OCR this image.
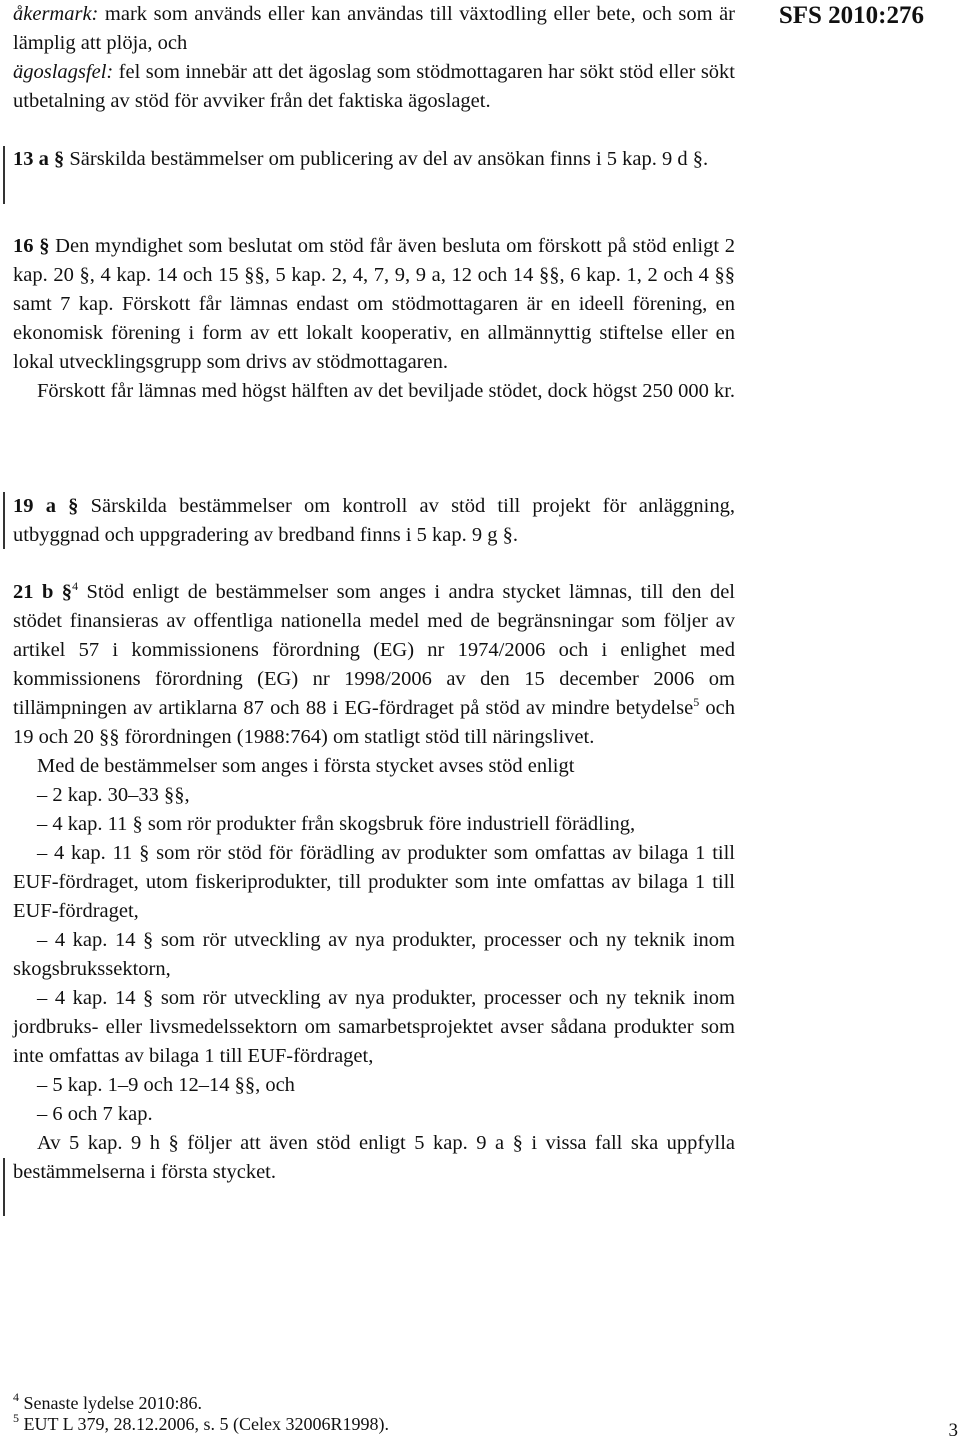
SFS 2010:276

åkermark: mark som används eller kan användas till växtodling eller bete, och som är lämplig att plöja, och

ägoslagsfel: fel som innebär att det ägoslag som stödmottagaren har sökt stöd eller sökt utbetalning av stöd för avviker från det faktiska ägoslaget.

13 a § Särskilda bestämmelser om publicering av del av ansökan finns i 5 kap. 9 d §.

16 § Den myndighet som beslutat om stöd får även besluta om förskott på stöd enligt 2 kap. 20 §, 4 kap. 14 och 15 §§, 5 kap. 2, 4, 7, 9, 9 a, 12 och 14 §§, 6 kap. 1, 2 och 4 §§ samt 7 kap. Förskott får lämnas endast om stödmottagaren är en ideell förening, en ekonomisk förening i form av ett lokalt kooperativ, en allmännyttig stiftelse eller en lokal utvecklingsgrupp som drivs av stödmottagaren.

Förskott får lämnas med högst hälften av det beviljade stödet, dock högst 250 000 kr.

19 a § Särskilda bestämmelser om kontroll av stöd till projekt för anläggning, utbyggnad och uppgradering av bredband finns i 5 kap. 9 g §.

21 b §$^4$ Stöd enligt de bestämmelser som anges i andra stycket lämnas, till den del stödet finansieras av offentliga nationella medel med de begränsningar som följer av artikel 57 i kommissionens förordning (EG) nr 1974/2006 och i enlighet med kommissionens förordning (EG) nr 1998/2006 av den 15 december 2006 om tillämpningen av artiklarna 87 och 88 i EG-fördraget på stöd av mindre betydelse$^5$ och 19 och 20 §§ förordningen (1988:764) om statligt stöd till näringslivet.

Med de bestämmelser som anges i första stycket avses stöd enligt

– 2 kap. 30–33 §§,

– 4 kap. 11 § som rör produkter från skogsbruk före industriell förädling,

– 4 kap. 11 § som rör stöd för förädling av produkter som omfattas av bilaga 1 till EUF-fördraget, utom fiskeriprodukter, till produkter som inte omfattas av bilaga 1 till EUF-fördraget,

– 4 kap. 14 § som rör utveckling av nya produkter, processer och ny teknik inom skogsbrukssektorn,

– 4 kap. 14 § som rör utveckling av nya produkter, processer och ny teknik inom jordbruks- eller livsmedelssektorn om samarbetsprojektet avser sådana produkter som inte omfattas av bilaga 1 till EUF-fördraget,

– 5 kap. 1–9 och 12–14 §§, och

– 6 och 7 kap.

Av 5 kap. 9 h § följer att även stöd enligt 5 kap. 9 a § i vissa fall ska uppfylla bestämmelserna i första stycket.

$^4$ Senaste lydelse 2010:86.

$^5$ EUT L 379, 28.12.2006, s. 5 (Celex 32006R1998).	3
